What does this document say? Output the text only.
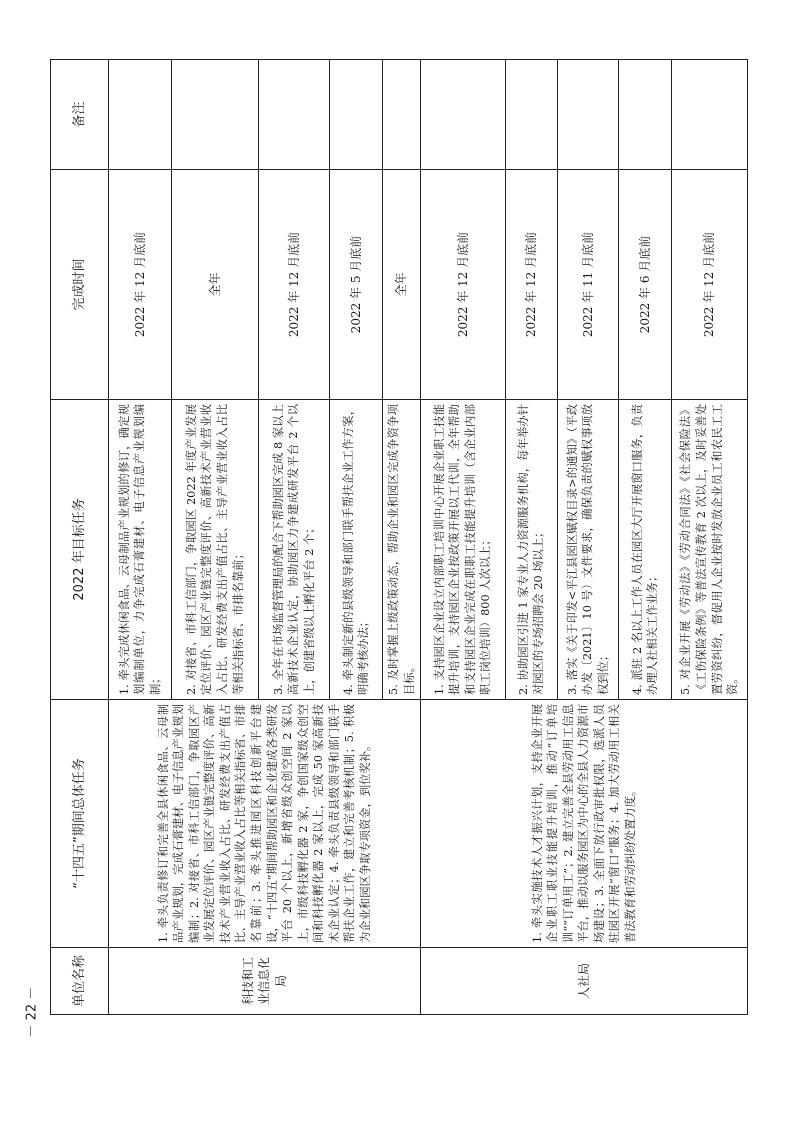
单位名称	“十四五”期间总体任务	2022 年目标任务	完成时间	备注
科技和工业信息化局	1. 牵头负责修订和完善全县休闲食品、云母制品产业规划，完成石膏建材、电子信息产业规划编制；2. 对接省、市科工信部门，争取园区产业发展定位评价、园区产业链完整度评价、高新技术产业营业收入占比、研发经费支出产值占比、主导产业营业收入占比等相关指标省、市排名靠前；3. 牵头推进园区科技创新平台建设，“十四五”期间帮助园区和企业建成各类研发平台 20 个以上，新增省级众创空间 2 家以上，市级科技孵化器 2 家，争创国家级众创空间和科技孵化器 2 家以上，完成 50 家高新技术企业认定；4. 牵头负责县级领导和部门联手帮扶企业工作，建立和完善考核机制；5. 积极为企业和园区争取专项资金，到位奖补。	1. 牵头完成休闲食品、云母制品产业规划的修订，确定规划编制单位，力争完成石膏建材、电子信息产业规划编制；	2022 年 12 月底前	
		2. 对接省、市科工信部门，争取园区 2022 年度产业发展定位评价、园区产业链完整度评价、高新技术产业营业收入占比、研发经费支出产值占比、主导产业营业收入占比等相关指标省、市排名靠前；	全年	
		3. 全年在市场监督管理局的配合下帮助园区完成 8 家以上高新技术企业认定，协助园区力争建成研发平台 2 个以上，创建省级以上孵化平台 2 个；	2022 年 12 月底前	
		4. 牵头制定新的县级领导和部门联手帮扶企业工作方案，明确考核办法；	2022 年 5 月底前	
		5. 及时掌握上级政策动态，帮助企业和园区完成争资争项目标。	全年	
人社局	1. 牵头实施技术人才振兴计划，支持企业开展企业职工职业技能提升培训，推动“订单培训”“订单用工”；2. 建立完善全县劳动用工信息平台，推动以服务园区为中心的全县人力资源市场建设；3. 全面下放行政审批权限，选派人员驻园区开展“窗口”服务；4. 加大劳动用工相关普法教育和劳动纠纷处置力度。	1. 支持园区企业设立内部职工培训中心开展企业职工技能提升培训，支持园区企业按政策开展以工代训，全年帮助和支持园区企业完成在职职工技能提升培训（含企业内部职工岗位培训）800 人次以上；	2022 年 12 月底前	
		2. 协助园区引进 1 家专业人力资源服务机构，每年举办针对园区的专场招聘会 20 场以上；	2022 年 12 月底前	
		3. 落实《关于印发<平江县园区赋权目录>的通知》（平政办发〔2021〕10 号）文件要求，确保负责的赋权事项放权到位；	2022 年 11 月底前	
		4. 派驻 2 名以上工作人员在园区大厅开展窗口服务，负责办理人社相关工作业务；	2022 年 6 月底前	
		5. 对企业开展《劳动法》《劳动合同法》《社会保险法》《工伤保险条例》等普法宣传教育 2 次以上，及时妥善处置劳资纠纷，督促用人企业按时发放企业员工和农民工工资。	2022 年 12 月底前	
－ 22 －
